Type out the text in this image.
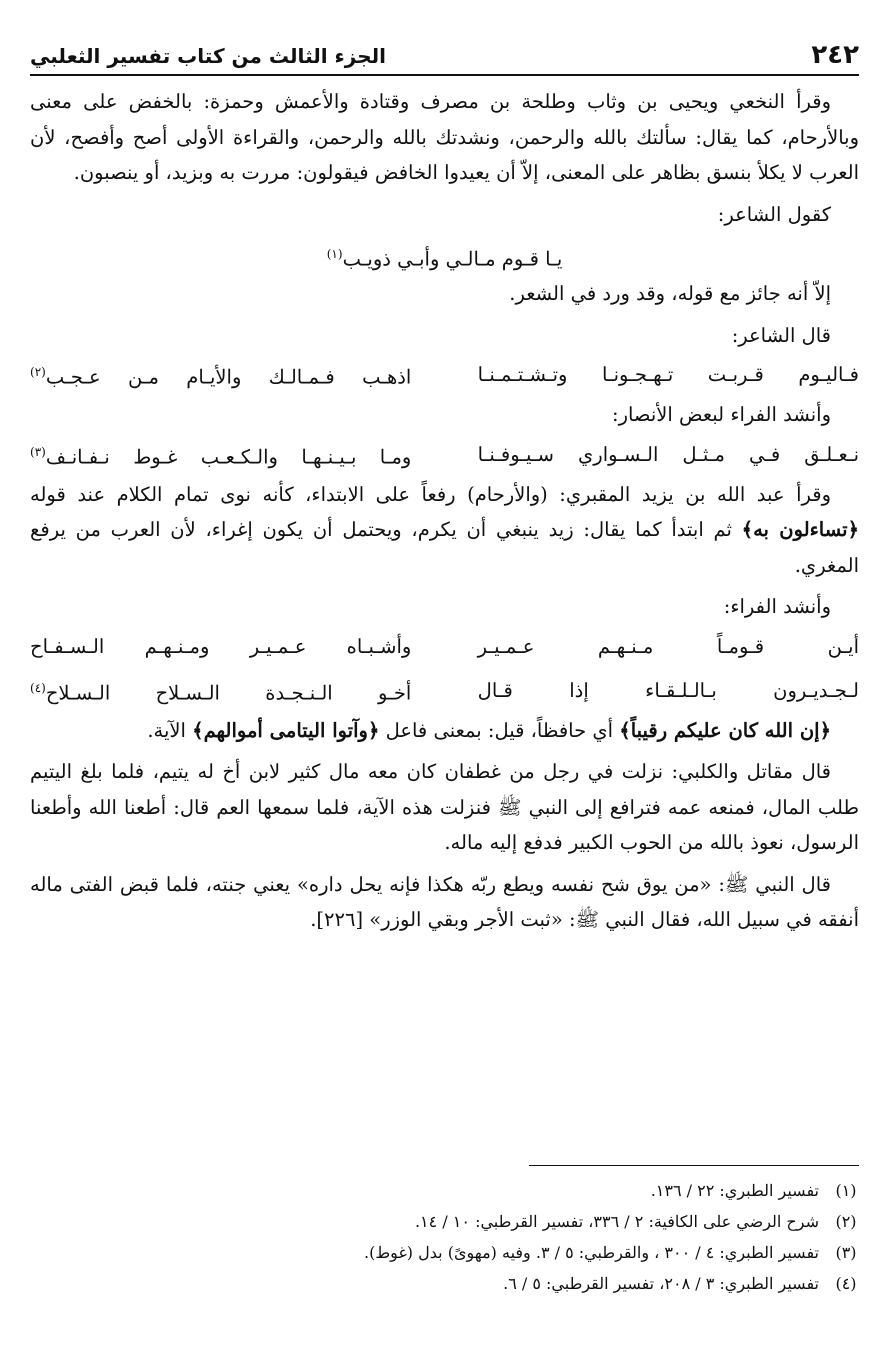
٢٤٢
الجزء الثالث من كتاب تفسير الثعلبي

وقرأ النخعي ويحيى بن وثاب وطلحة بن مصرف وقتادة والأعمش وحمزة: بالخفض على معنى وبالأرحام، كما يقال: سألتك بالله والرحمن، ونشدتك بالله والرحمن، والقراءة الأولى أصح وأفصح، لأن العرب لا يكلأ بنسق بظاهر على المعنى، إلاّ أن يعيدوا الخافض فيقولون: مررت به وبزيد، أو ينصبون.

كقول الشاعر:

يـا قـوم مـالـي وأبـي ذويـب$^{(١)}$

إلاّ أنه جائز مع قوله، وقد ورد في الشعر.

قال الشاعر:

فـاليـوم قـربـت تـهـجـونـا وتـشـتـمـنـا
اذهـب فـمـالـك والأيـام مـن عـجـب$^{(٢)}$

وأنشد الفراء لبعض الأنصار:

نـعـلـق فـي مـثـل الـسـواري سـيـوفـنـا
ومـا بـيـنـهـا والـكـعـب غـوط نـفـانـف$^{(٣)}$

وقرأ عبد الله بن يزيد المقبري: (والأرحام) رفعاً على الابتداء، كأنه نوى تمام الكلام عند قوله ﴿تساءلون به﴾ ثم ابتدأ كما يقال: زيد ينبغي أن يكرم، ويحتمل أن يكون إغراء، لأن العرب من يرفع المغري.

وأنشد الفراء:

أيـن قـومـاً مـنـهـم عـمـيـر
وأشـبـاه عـمـيـر ومـنـهـم الـسـفـاح
لـجـديـرون بـالـلـقـاء إذا قـال
أخـو الـنـجـدة الـسـلاح الـسـلاح$^{(٤)}$

﴿إن الله كان عليكم رقيباً﴾ أي حافظاً، قيل: بمعنى فاعل ﴿وآتوا اليتامى أموالهم﴾ الآية.

قال مقاتل والكلبي: نزلت في رجل من غطفان كان معه مال كثير لابن أخ له يتيم، فلما بلغ اليتيم طلب المال، فمنعه عمه فترافع إلى النبي ﷺ فنزلت هذه الآية، فلما سمعها العم قال: أطعنا الله وأطعنا الرسول، نعوذ بالله من الحوب الكبير فدفع إليه ماله.

قال النبي ﷺ: «من يوق شح نفسه ويطع ربّه هكذا فإنه يحل داره» يعني جنته، فلما قبض الفتى ماله أنفقه في سبيل الله، فقال النبي ﷺ: «ثبت الأجر وبقي الوزر» [٢٢٦].

(١)
تفسير الطبري: ٢٢ / ١٣٦.
(٢)
شرح الرضي على الكافية: ٢ / ٣٣٦، تفسير القرطبي: ١٠ / ١٤.
(٣)
تفسير الطبري: ٤ / ٣٠٠ ، والقرطبي: ٥ / ٣. وفيه (مهوىً) بدل (غوط).
(٤)
تفسير الطبري: ٣ / ٢٠٨، تفسير القرطبي: ٥ / ٦.
